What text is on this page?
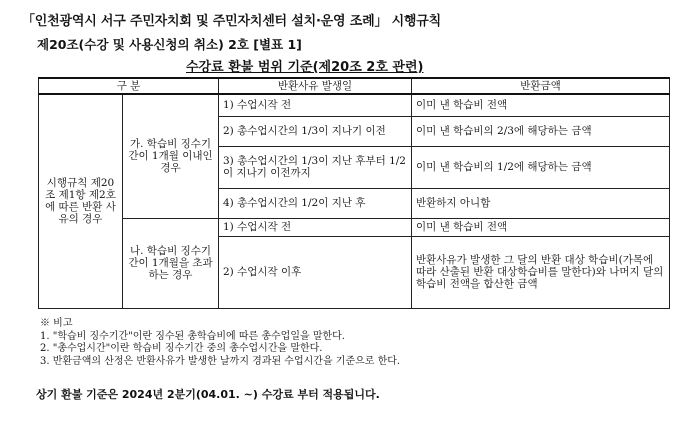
「인천광역시 서구 주민자치회 및 주민자치센터 설치·운영 조례」 시행규칙
제20조(수강 및 사용신청의 취소) 2호 [별표 1]
수강료 환불 범위 기준(제20조 2호 관련)
구 분		반환사유 발생일	반환금액
시행규칙 제20조 제1항 제2호에 따른 반환 사유의 경우	가. 학습비 징수기간이 1개월 이내인 경우	1) 수업시작 전	이미 낸 학습비 전액
		2) 총수업시간의 1/3이 지나기 이전	이미 낸 학습비의 2/3에 해당하는 금액
		3) 총수업시간의 1/3이 지난 후부터 1/2이 지나기 이전까지	이미 낸 학습비의 1/2에 해당하는 금액
		4) 총수업시간의 1/2이 지난 후	반환하지 아니함
	나. 학습비 징수기간이 1개월을 초과하는 경우	1) 수업시작 전	이미 낸 학습비 전액
		2) 수업시작 이후	반환사유가 발생한 그 달의 반환 대상 학습비(가목에 따라 산출된 반환 대상학습비를 말한다)와 나머지 달의 학습비 전액을 합산한 금액
※ 비고
1. "학습비 징수기간"이란 징수된 총학습비에 따른 총수업일을 말한다.
2. "총수업시간"이란 학습비 징수기간 중의 총수업시간을 말한다.
3. 반환금액의 산정은 반환사유가 발생한 날까지 경과된 수업시간을 기준으로 한다.
상기 환불 기준은 2024년 2분기(04.01. ~) 수강료 부터 적용됩니다.
